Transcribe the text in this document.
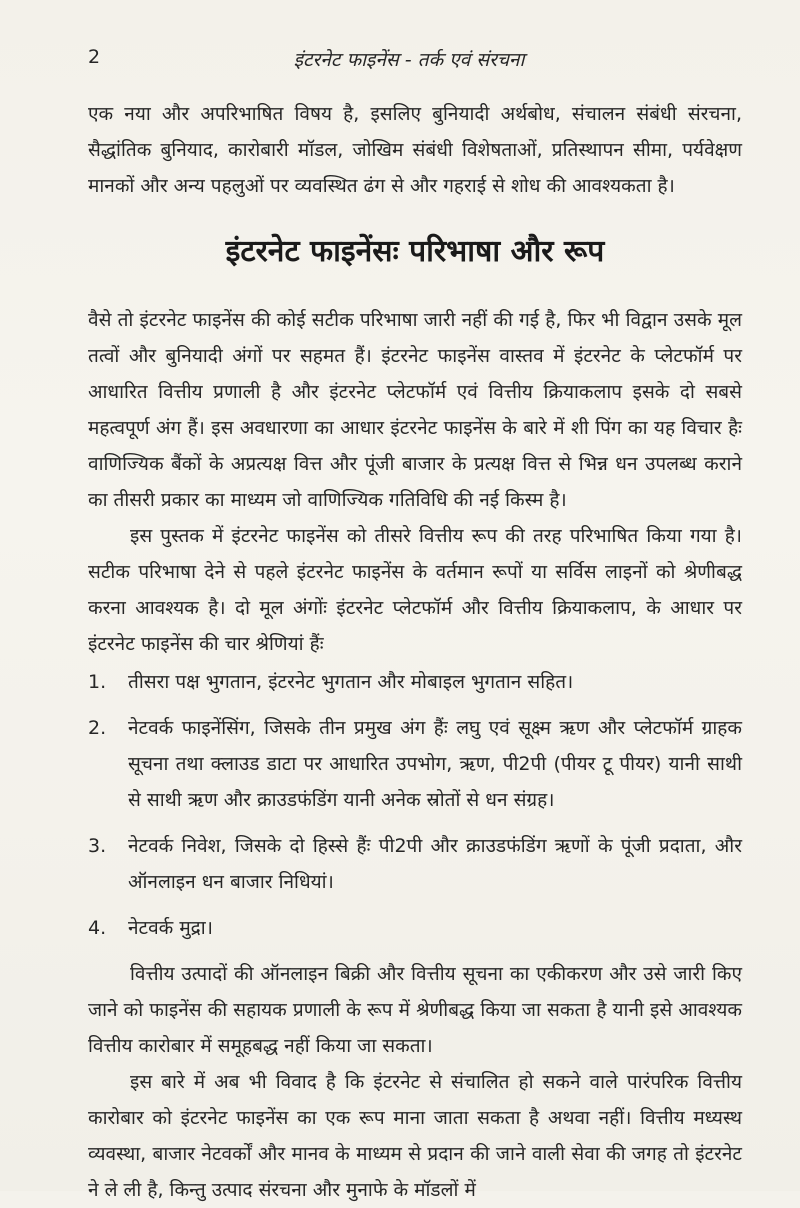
2	इंटरनेट फाइनेंस - तर्क एवं संरचना

एक नया और अपरिभाषित विषय है, इसलिए बुनियादी अर्थबोध, संचालन संबंधी संरचना, सैद्धांतिक बुनियाद, कारोबारी मॉडल, जोखिम संबंधी विशेषताओं, प्रतिस्थापन सीमा, पर्यवेक्षण मानकों और अन्य पहलुओं पर व्यवस्थित ढंग से और गहराई से शोध की आवश्यकता है।

इंटरनेट फाइनेंसः परिभाषा और रूप

वैसे तो इंटरनेट फाइनेंस की कोई सटीक परिभाषा जारी नहीं की गई है, फिर भी विद्वान उसके मूल तत्वों और बुनियादी अंगों पर सहमत हैं। इंटरनेट फाइनेंस वास्तव में इंटरनेट के प्लेटफॉर्म पर आधारित वित्तीय प्रणाली है और इंटरनेट प्लेटफॉर्म एवं वित्तीय क्रियाकलाप इसके दो सबसे महत्वपूर्ण अंग हैं। इस अवधारणा का आधार इंटरनेट फाइनेंस के बारे में शी पिंग का यह विचार हैः वाणिज्यिक बैंकों के अप्रत्यक्ष वित्त और पूंजी बाजार के प्रत्यक्ष वित्त से भिन्न धन उपलब्ध कराने का तीसरी प्रकार का माध्यम जो वाणिज्यिक गतिविधि की नई किस्म है।

इस पुस्तक में इंटरनेट फाइनेंस को तीसरे वित्तीय रूप की तरह परिभाषित किया गया है। सटीक परिभाषा देने से पहले इंटरनेट फाइनेंस के वर्तमान रूपों या सर्विस लाइनों को श्रेणीबद्ध करना आवश्यक है। दो मूल अंगोंः इंटरनेट प्लेटफॉर्म और वित्तीय क्रियाकलाप, के आधार पर इंटरनेट फाइनेंस की चार श्रेणियां हैंः

1.	तीसरा पक्ष भुगतान, इंटरनेट भुगतान और मोबाइल भुगतान सहित।
2.	नेटवर्क फाइनेंसिंग, जिसके तीन प्रमुख अंग हैंः लघु एवं सूक्ष्म ऋण और प्लेटफॉर्म ग्राहक सूचना तथा क्लाउड डाटा पर आधारित उपभोग, ऋण, पी2पी (पीयर टू पीयर) यानी साथी से साथी ऋण और क्राउडफंडिंग यानी अनेक स्रोतों से धन संग्रह।
3.	नेटवर्क निवेश, जिसके दो हिस्से हैंः पी2पी और क्राउडफंडिंग ऋणों के पूंजी प्रदाता, और ऑनलाइन धन बाजार निधियां।
4.	नेटवर्क मुद्रा।

वित्तीय उत्पादों की ऑनलाइन बिक्री और वित्तीय सूचना का एकीकरण और उसे जारी किए जाने को फाइनेंस की सहायक प्रणाली के रूप में श्रेणीबद्ध किया जा सकता है यानी इसे आवश्यक वित्तीय कारोबार में समूहबद्ध नहीं किया जा सकता।

इस बारे में अब भी विवाद है कि इंटरनेट से संचालित हो सकने वाले पारंपरिक वित्तीय कारोबार को इंटरनेट फाइनेंस का एक रूप माना जाता सकता है अथवा नहीं। वित्तीय मध्यस्थ व्यवस्था, बाजार नेटवर्कों और मानव के माध्यम से प्रदान की जाने वाली सेवा की जगह तो इंटरनेट ने ले ली है, किन्तु उत्पाद संरचना और मुनाफे के मॉडलों में
